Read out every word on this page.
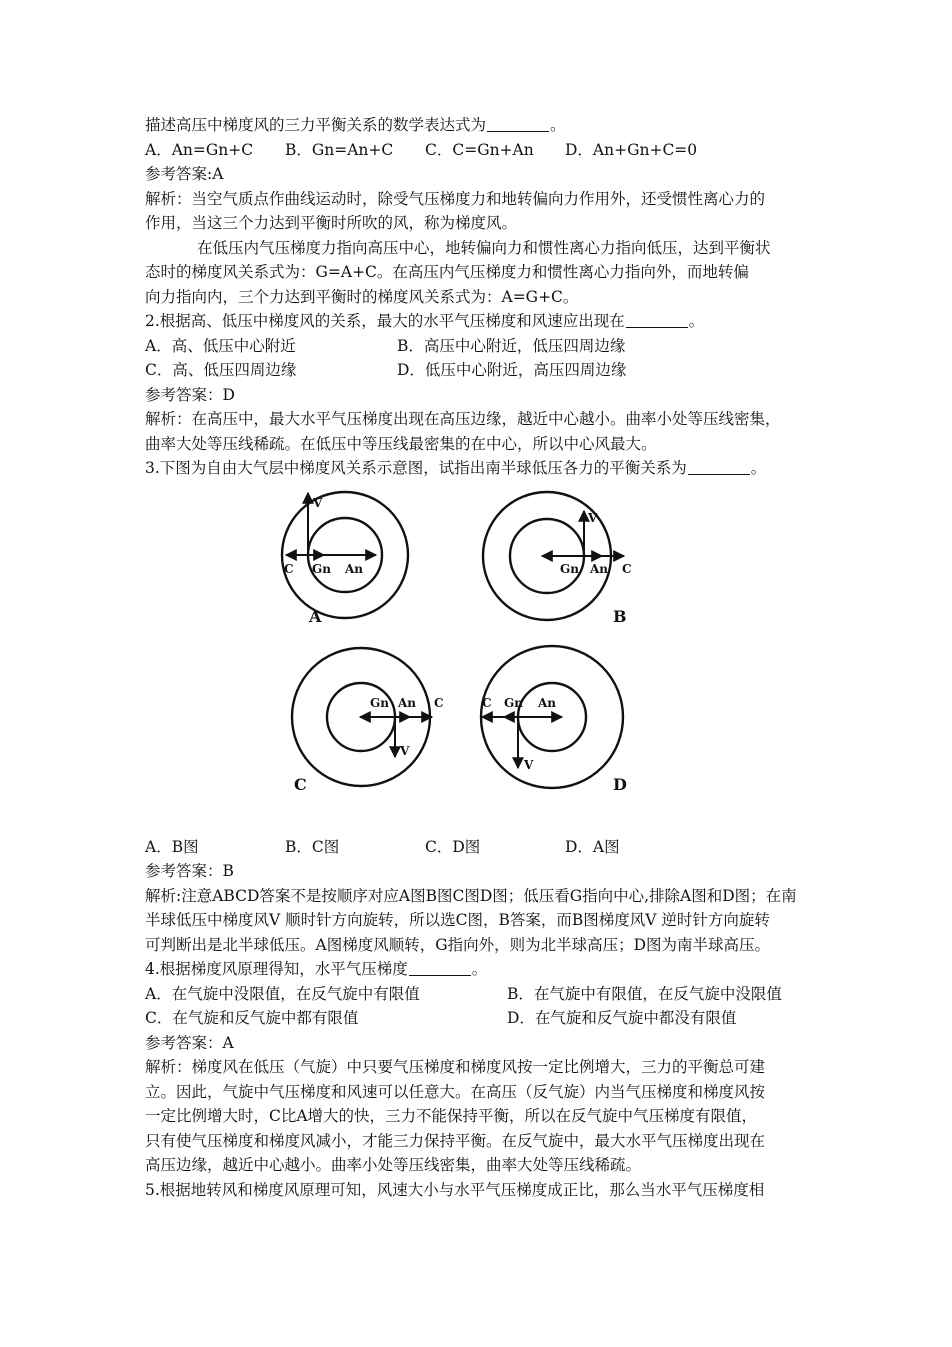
描述高压中梯度风的三力平衡关系的数学表达式为	。

A．An=Gn+C	B．Gn=An+C	C．C=Gn+An	D．An+Gn+C=0

参考答案:A

解析：当空气质点作曲线运动时，除受气压梯度力和地转偏向力作用外，还受惯性离心力的

作用，当这三个力达到平衡时所吹的风，称为梯度风。

在低压内气压梯度力指向高压中心，地转偏向力和惯性离心力指向低压，达到平衡状

态时的梯度风关系式为：G=A+C。在高压内气压梯度力和惯性离心力指向外，而地转偏

向力指向内，三个力达到平衡时的梯度风关系式为：A=G+C。

2.根据高、低压中梯度风的关系，最大的水平气压梯度和风速应出现在	。

A．高、低压中心附近	B．高压中心附近，低压四周边缘
C．高、低压四周边缘	D．低压中心附近，高压四周边缘

参考答案：D

解析：在高压中，最大水平气压梯度出现在高压边缘，越近中心越小。曲率小处等压线密集，

曲率大处等压线稀疏。在低压中等压线最密集的在中心，所以中心风最大。

3.下图为自由大气层中梯度风关系示意图，试指出南半球低压各力的平衡关系为	。

V
C Gn An
V
Gn An C
Gn An C
V
C Gn An
V
A	B
C	D
A．B图	B．C图	C．D图	D．A图

参考答案：B

解析:注意ABCD答案不是按顺序对应A图B图C图D图；低压看G指向中心,排除A图和D图；在南

半球低压中梯度风V 顺时针方向旋转，所以选C图，B答案，而B图梯度风V 逆时针方向旋转

可判断出是北半球低压。A图梯度风顺转，G指向外，则为北半球高压；D图为南半球高压。

4.根据梯度风原理得知，水平气压梯度	。

A．在气旋中没限值，在反气旋中有限值	B．在气旋中有限值，在反气旋中没限值
C．在气旋和反气旋中都有限值	D．在气旋和反气旋中都没有限值

参考答案：A

解析：梯度风在低压（气旋）中只要气压梯度和梯度风按一定比例增大，三力的平衡总可建

立。因此，气旋中气压梯度和风速可以任意大。在高压（反气旋）内当气压梯度和梯度风按

一定比例增大时，C比A增大的快，三力不能保持平衡，所以在反气旋中气压梯度有限值，

只有使气压梯度和梯度风减小，才能三力保持平衡。在反气旋中，最大水平气压梯度出现在

高压边缘，越近中心越小。曲率小处等压线密集，曲率大处等压线稀疏。

5.根据地转风和梯度风原理可知，风速大小与水平气压梯度成正比，那么当水平气压梯度相
